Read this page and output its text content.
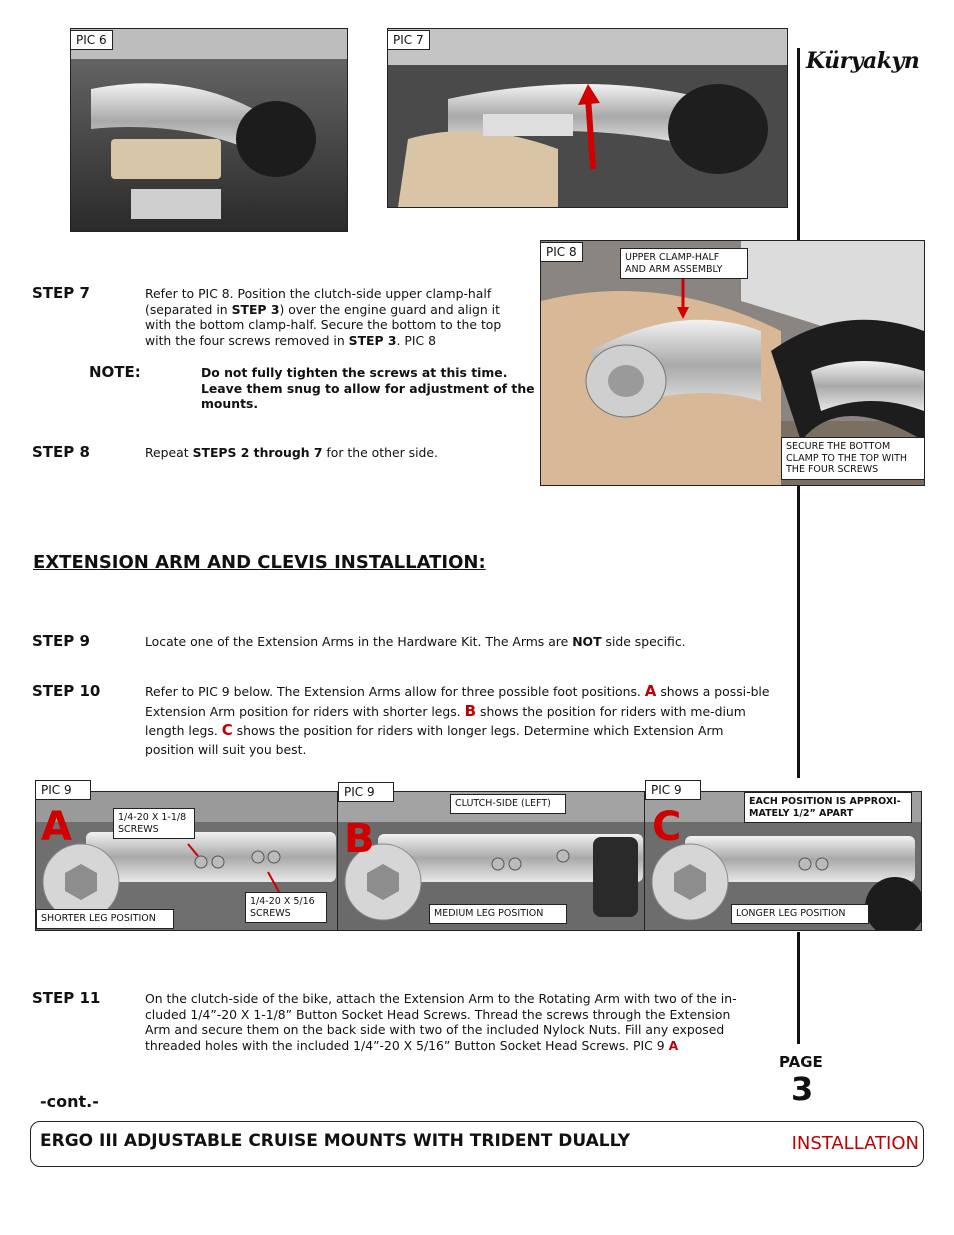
Küryakyn
PIC 6	PIC 7
PIC 8	UPPER CLAMP-HALF AND ARM ASSEMBLY
SECURE THE BOTTOM CLAMP TO THE TOP WITH THE FOUR SCREWS
STEP 7	Refer to PIC 8. Position the clutch-side upper clamp-half (separated in STEP 3) over the engine guard and align it with the bottom clamp-half. Secure the bottom to the top with the four screws removed in STEP 3. PIC 8
NOTE:	Do not fully tighten the screws at this time. Leave them snug to allow for adjustment of the mounts.
STEP 8	Repeat STEPS 2 through 7 for the other side.
EXTENSION ARM AND CLEVIS INSTALLATION:
STEP 9	Locate one of the Extension Arms in the Hardware Kit. The Arms are NOT side specific.
STEP 10	Refer to PIC 9 below. The Extension Arms allow for three possible foot positions. A shows a possi-ble Extension Arm position for riders with shorter legs. B shows the position for riders with me-dium length legs. C shows the position for riders with longer legs. Determine which Extension Arm position will suit you best.
A
PIC 9
1/4-20 X 1-1/8 SCREWS
1/4-20 X 5/16 SCREWS
SHORTER LEG POSITION
B
PIC 9
CLUTCH-SIDE (LEFT)
MEDIUM LEG POSITION
C
PIC 9
EACH POSITION IS APPROXI-MATELY 1/2” APART
LONGER LEG POSITION
STEP 11	On the clutch-side of the bike, attach the Extension Arm to the Rotating Arm with two of the in-cluded 1/4”-20 X 1-1/8” Button Socket Head Screws. Thread the screws through the Extension Arm and secure them on the back side with two of the included Nylock Nuts. Fill any exposed threaded holes with the included 1/4”-20 X 5/16” Button Socket Head Screws. PIC 9 A
PAGE
3
-cont.-
ERGO III ADJUSTABLE CRUISE MOUNTS WITH TRIDENT DUALLY	INSTALLATION
